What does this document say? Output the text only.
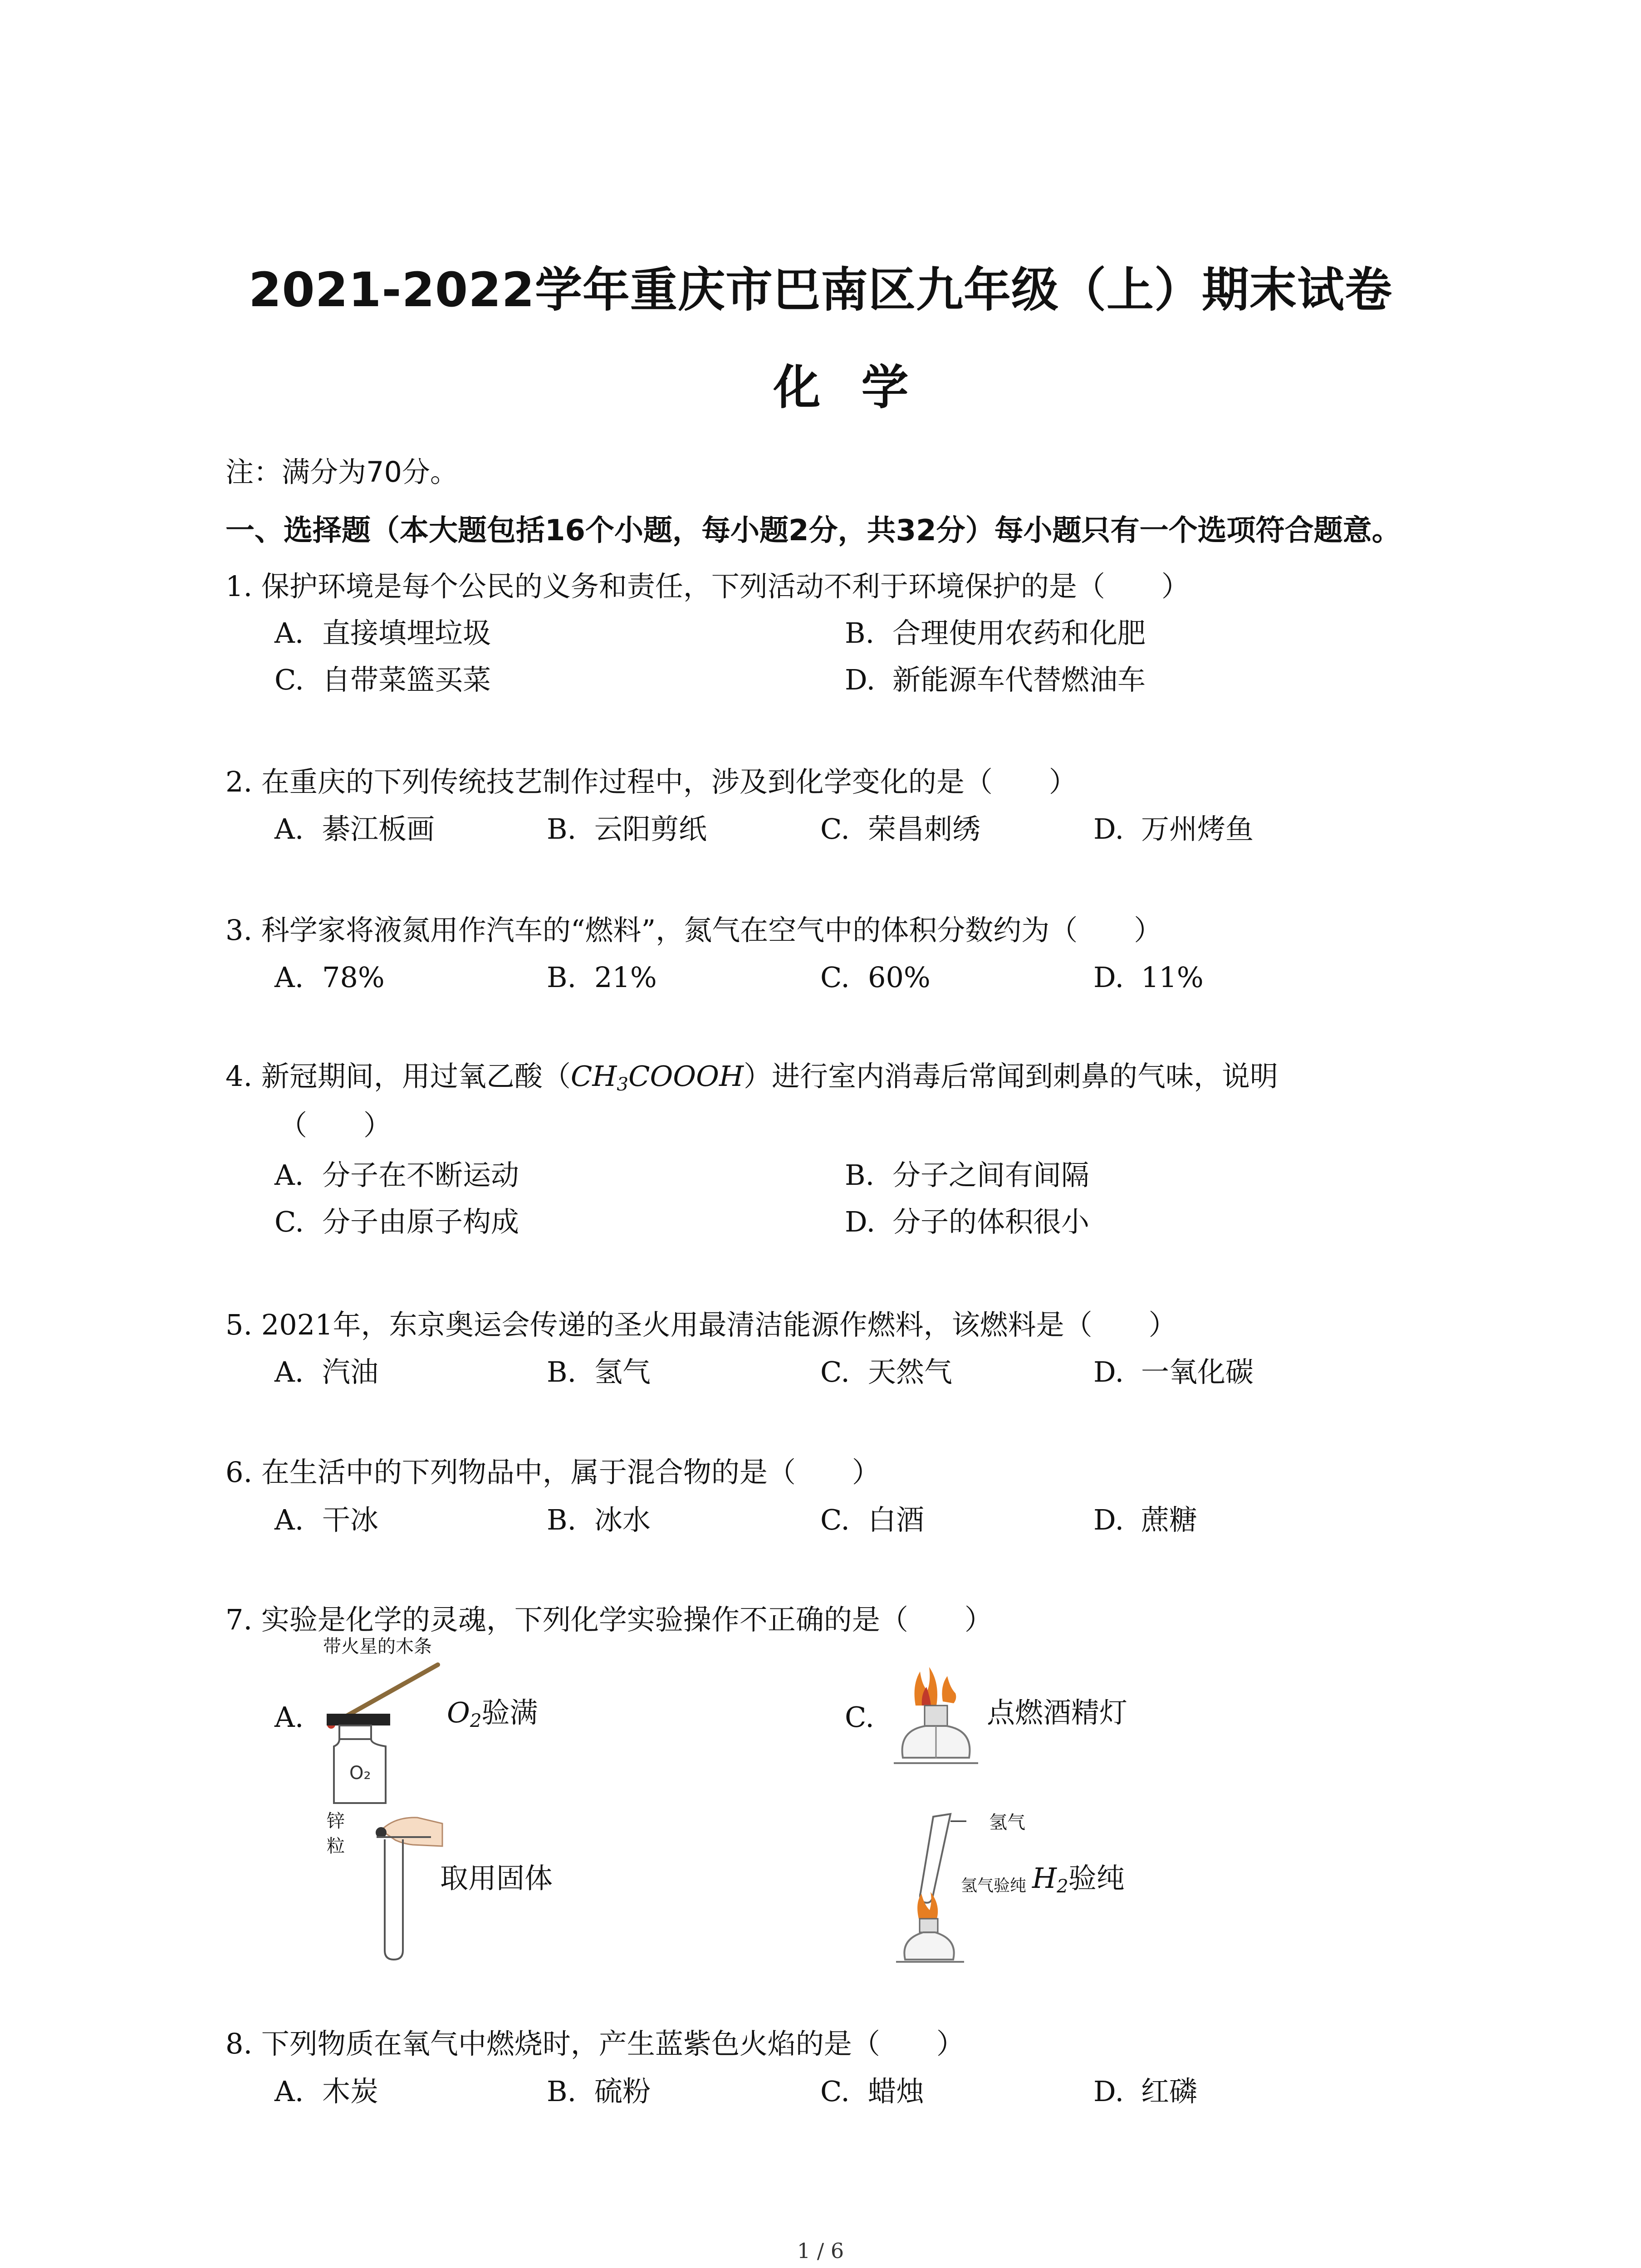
2021-2022学年重庆市巴南区九年级（上）期末试卷
化学
注：满分为70分。
一、选择题（本大题包括16个小题，每小题2分，共32分）每小题只有一个选项符合题意。
1. 保护环境是每个公民的义务和责任，下列活动不利于环境保护的是（　　）
A. 直接填埋垃圾	B. 合理使用农药和化肥
C. 自带菜篮买菜	D. 新能源车代替燃油车
2. 在重庆的下列传统技艺制作过程中，涉及到化学变化的是（　　）
A. 綦江板画	B. 云阳剪纸	C. 荣昌刺绣	D. 万州烤鱼
3. 科学家将液氮用作汽车的“燃料”，氮气在空气中的体积分数约为（　　）
A. 78%	B. 21%	C. 60%	D. 11%
4. 新冠期间，用过氧乙酸$(CH_3COOOH)$进行室内消毒后常闻到刺鼻的气味，说明
（　　）
A. 分子在不断运动	B. 分子之间有间隔
C. 分子由原子构成	D. 分子的体积很小
5. 2021年，东京奥运会传递的圣火用最清洁能源作燃料，该燃料是（　　）
A. 汽油	B. 氢气	C. 天然气	D. 一氧化碳
6. 在生活中的下列物品中，属于混合物的是（　　）
A. 干冰	B. 冰水	C. 白酒	D. 蔗糖
7. 实验是化学的灵魂，下列化学实验操作不正确的是（　　）
A.
带火星的木条
O₂
$O_2$验满	C.	点燃酒精灯
锌
粒
取用固体
氢气
氢气验纯 $H_2$验纯
8. 下列物质在氧气中燃烧时，产生蓝紫色火焰的是（　　）
A. 木炭	B. 硫粉	C. 蜡烛	D. 红磷
1 / 6
